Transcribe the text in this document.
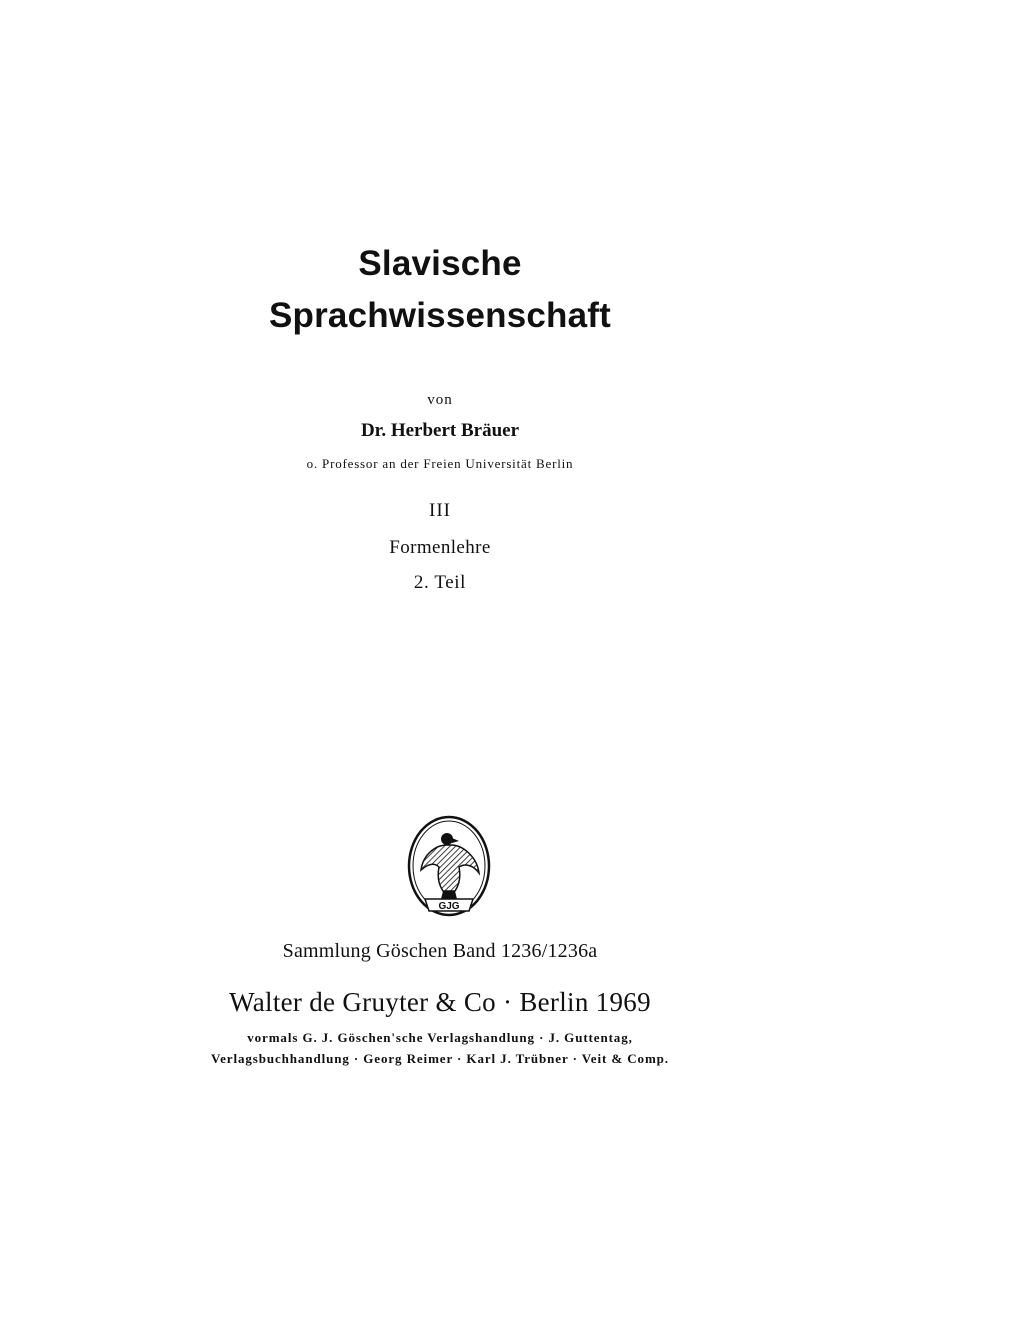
Slavische
Sprachwissenschaft
von
Dr. Herbert Bräuer
o. Professor an der Freien Universität Berlin
III
Formenlehre
2. Teil
GJG
Sammlung Göschen Band 1236/1236a
Walter de Gruyter & Co · Berlin 1969
vormals G. J. Göschen'sche Verlagshandlung · J. Guttentag,
Verlagsbuchhandlung · Georg Reimer · Karl J. Trübner · Veit & Comp.
